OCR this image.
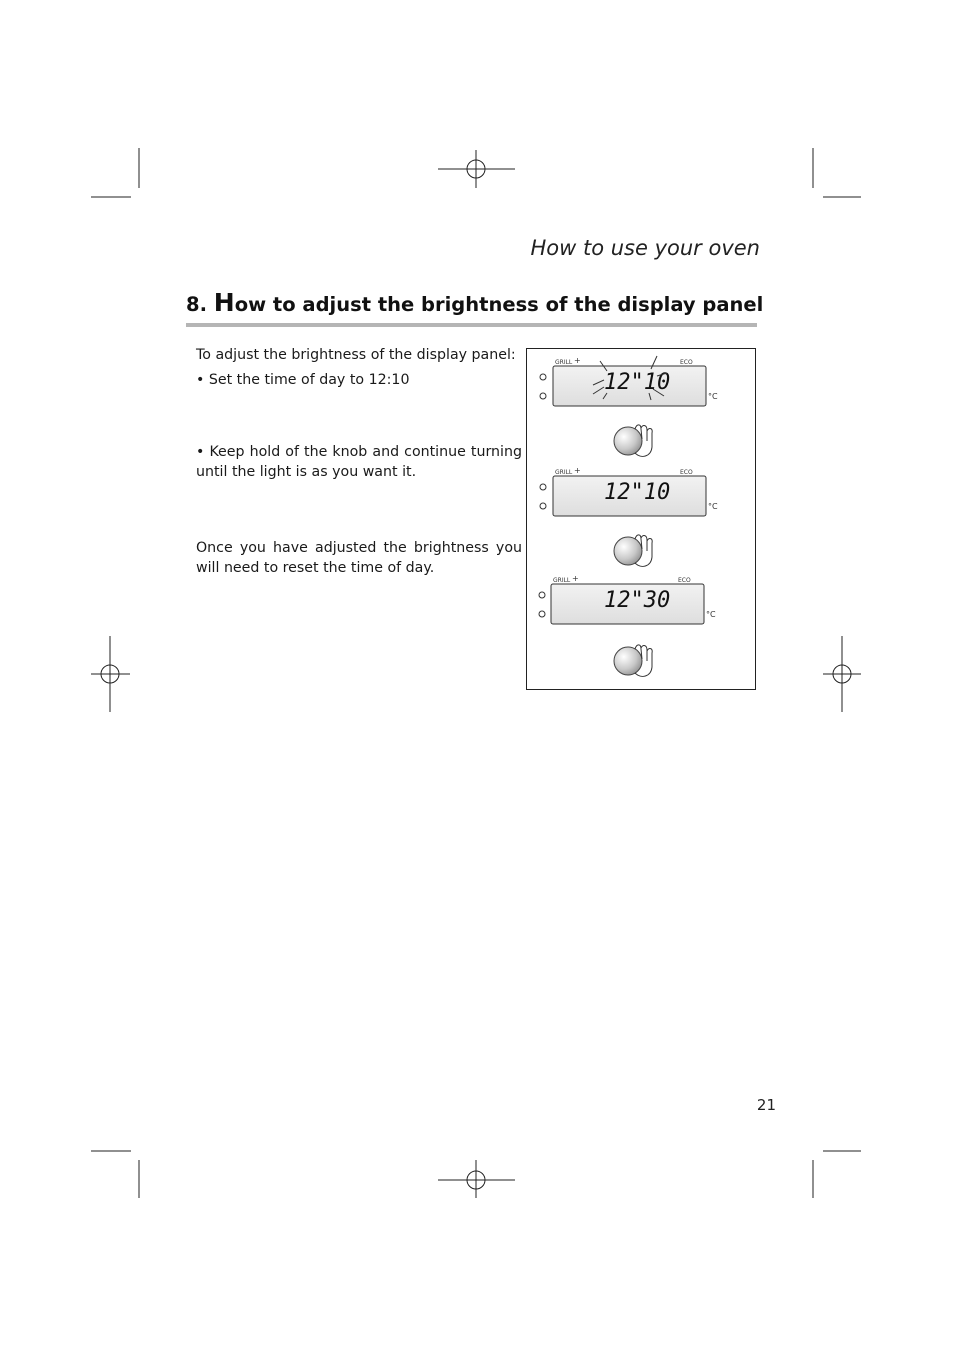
How to use your oven
8. How to adjust the brightness of the display panel
To adjust the brightness of the display panel:
• Set the time of day to 12:10
• Keep hold of the knob and continue turning until the light is as you want it.
Once you have adjusted the brightness you will need to reset the time of day.
GRILL +	ECO
°C
12"10
GRILL +	ECO
°C
12"10
GRILL +	ECO
°C
12"30
21
